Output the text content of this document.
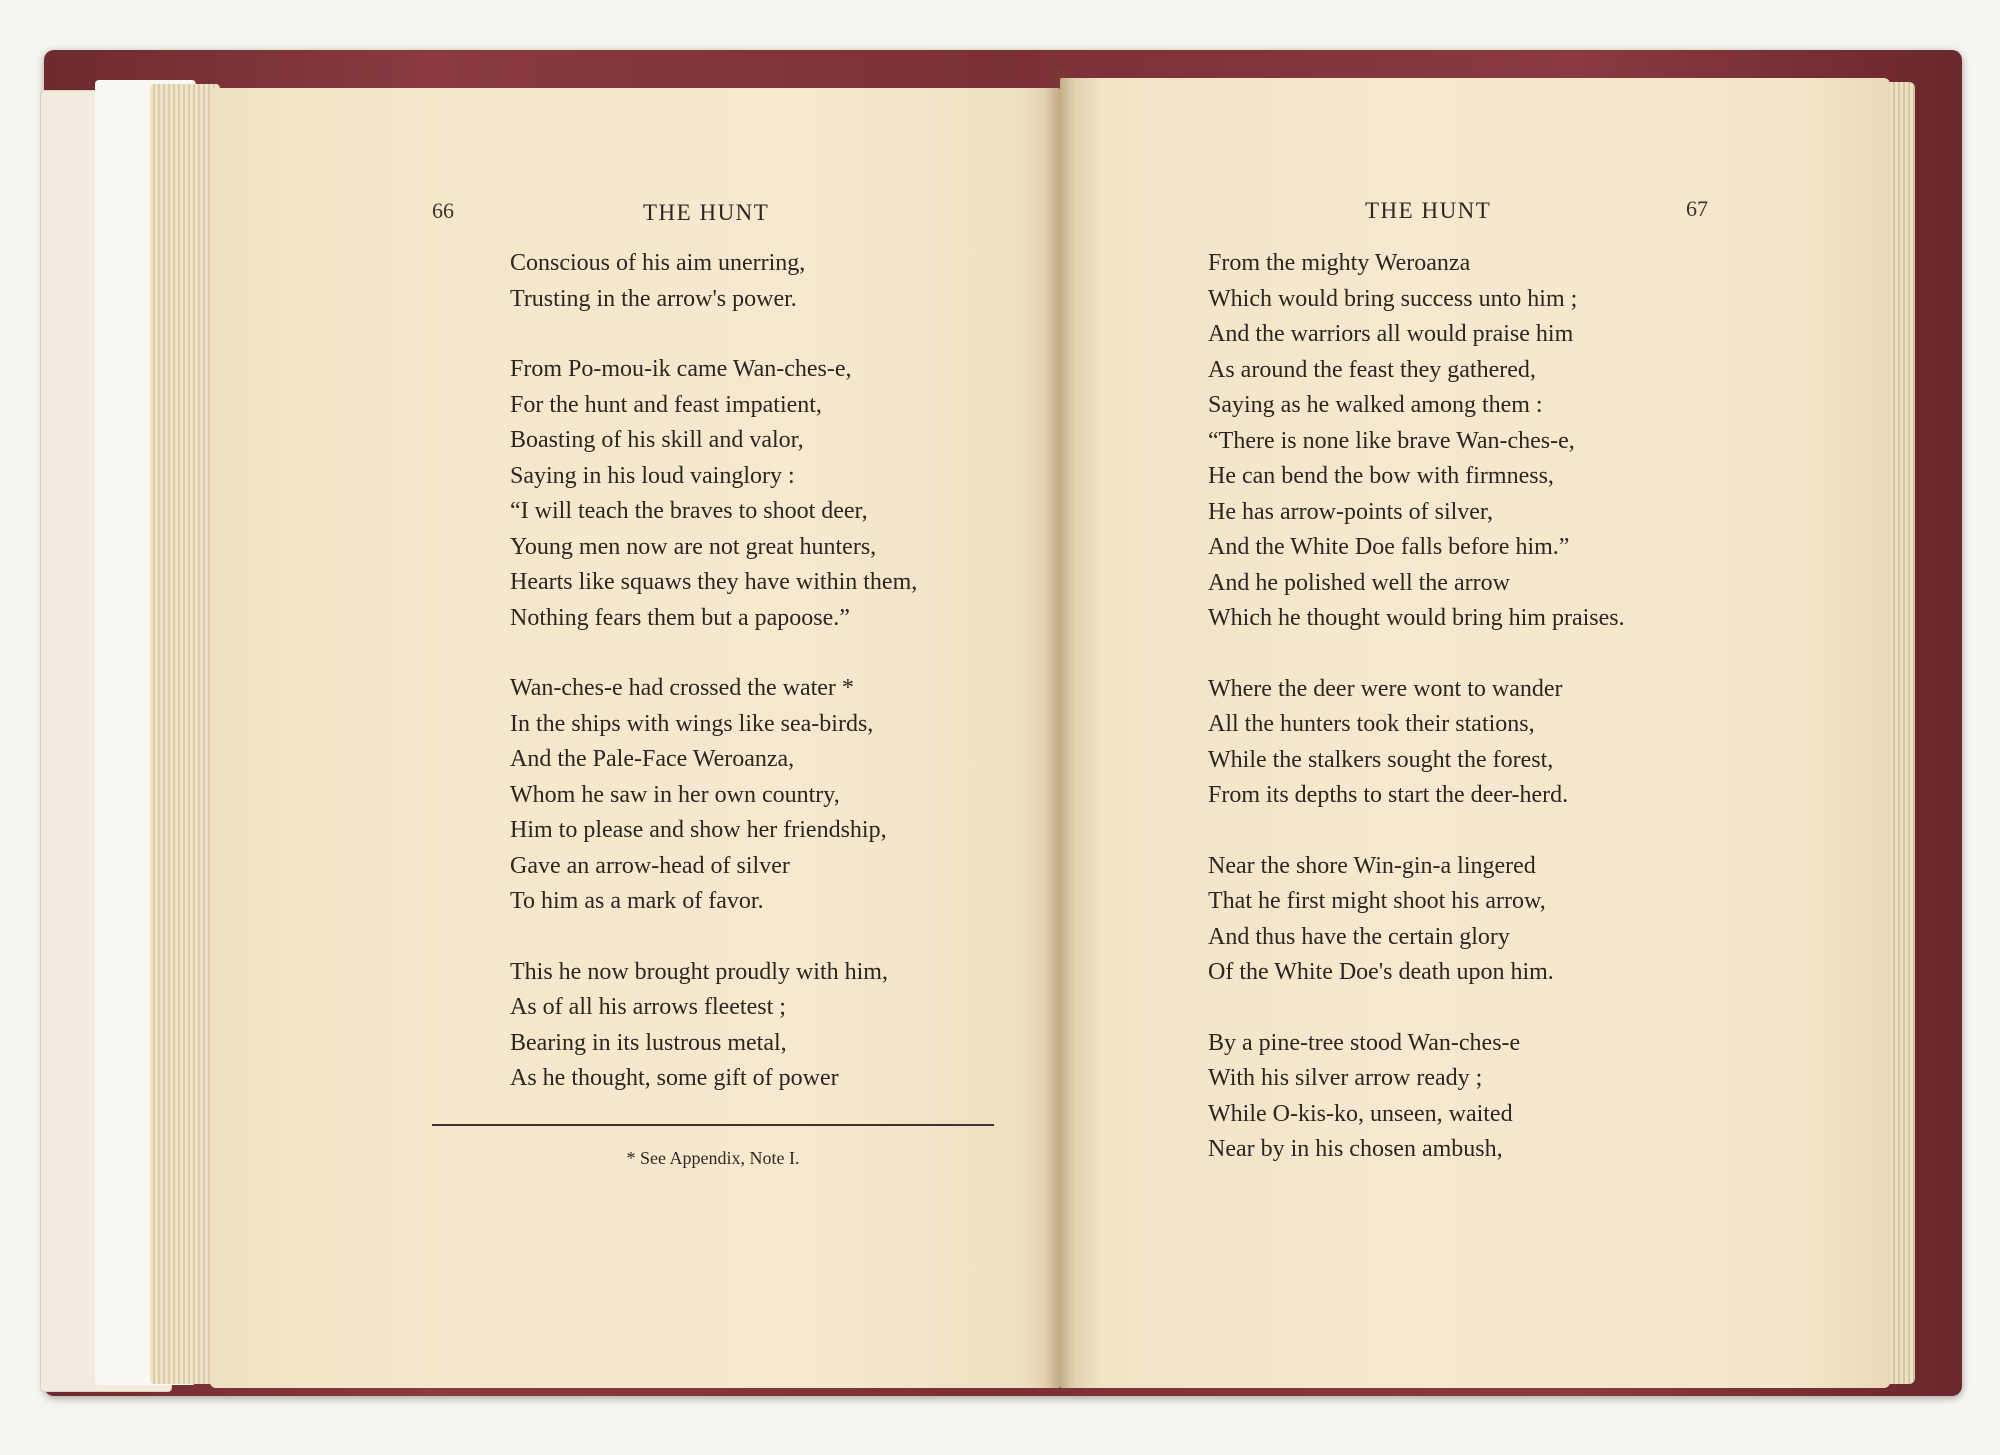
66	THE HUNT
Conscious of his aim unerring,
Trusting in the arrow's power.
From Po-mou-ik came Wan-ches-e,
For the hunt and feast impatient,
Boasting of his skill and valor,
Saying in his loud vainglory :
“I will teach the braves to shoot deer,
Young men now are not great hunters,
Hearts like squaws they have within them,
Nothing fears them but a papoose.”
Wan-ches-e had crossed the water *
In the ships with wings like sea-birds,
And the Pale-Face Weroanza,
Whom he saw in her own country,
Him to please and show her friendship,
Gave an arrow-head of silver
To him as a mark of favor.
This he now brought proudly with him,
As of all his arrows fleetest ;
Bearing in its lustrous metal,
As he thought, some gift of power
* See Appendix, Note I.
THE HUNT	67
From the mighty Weroanza
Which would bring success unto him ;
And the warriors all would praise him
As around the feast they gathered,
Saying as he walked among them :
“There is none like brave Wan-ches-e,
He can bend the bow with firmness,
He has arrow-points of silver,
And the White Doe falls before him.”
And he polished well the arrow
Which he thought would bring him praises.
Where the deer were wont to wander
All the hunters took their stations,
While the stalkers sought the forest,
From its depths to start the deer-herd.
Near the shore Win-gin-a lingered
That he first might shoot his arrow,
And thus have the certain glory
Of the White Doe's death upon him.
By a pine-tree stood Wan-ches-e
With his silver arrow ready ;
While O-kis-ko, unseen, waited
Near by in his chosen ambush,
